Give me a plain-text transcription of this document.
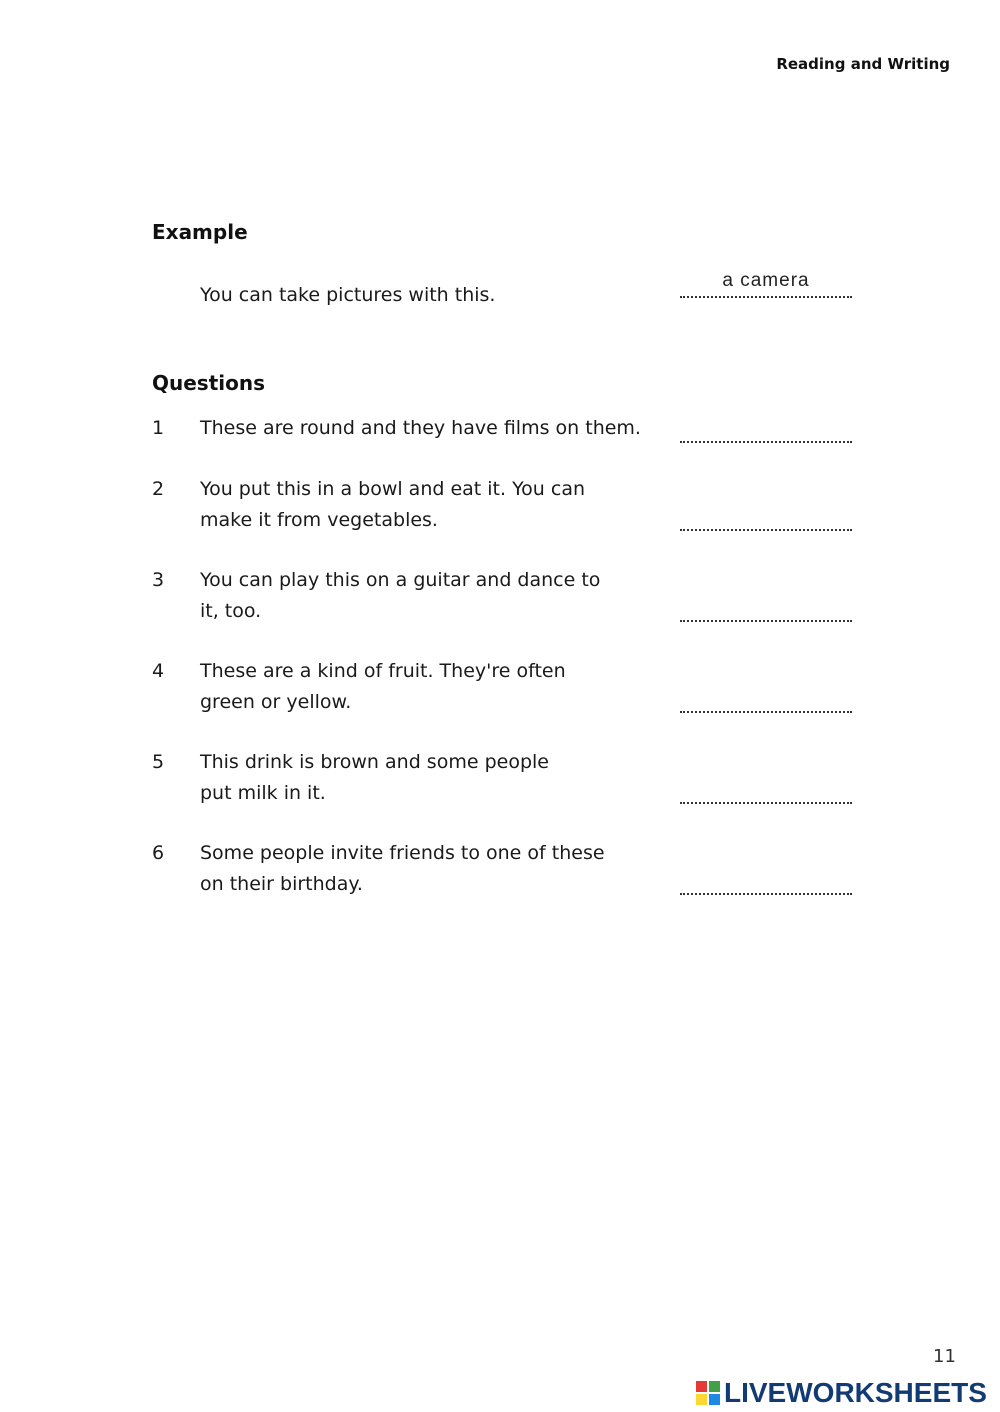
Reading and Writing
Example
You can take pictures with this.
a camera
Questions
1 These are round and they have films on them.
2 You put this in a bowl and eat it. You can make it from vegetables.
3 You can play this on a guitar and dance to it, too.
4 These are a kind of fruit. They're often green or yellow.
5 This drink is brown and some people put milk in it.
6 Some people invite friends to one of these on their birthday.
11
LIVEWORKSHEETS
